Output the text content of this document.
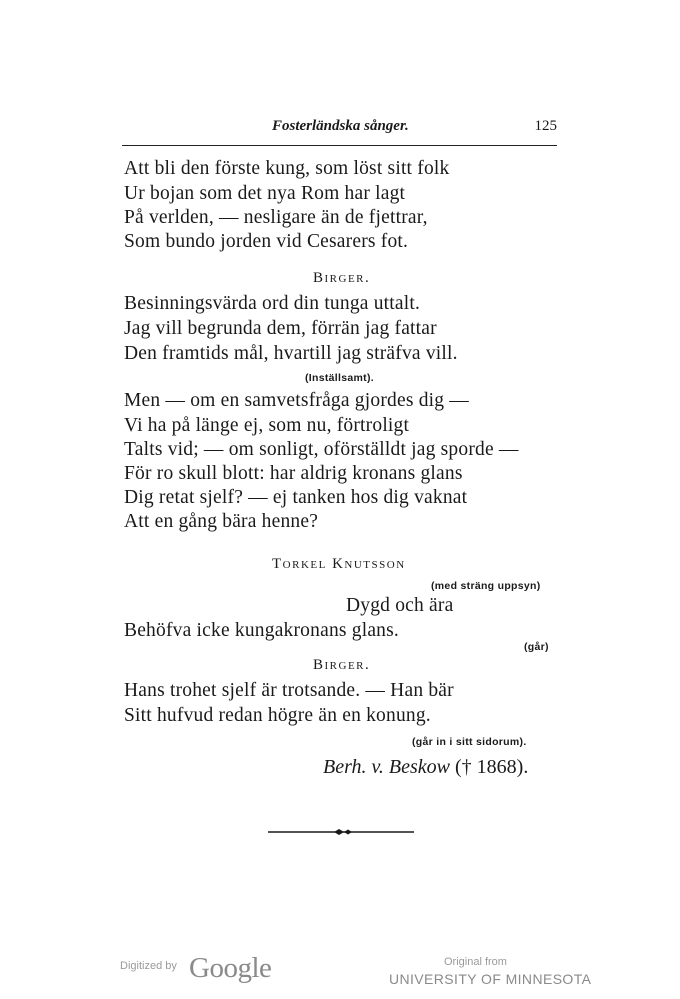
Fosterländska sånger.	125
Att bli den förste kung, som löst sitt folk
Ur bojan som det nya Rom har lagt
På verlden, — nesligare än de fjettrar,
Som bundo jorden vid Cesarers fot.
Birger.
Besinningsvärda ord din tunga uttalt.
Jag vill begrunda dem, förrän jag fattar
Den framtids mål, hvartill jag sträfva vill.
(Inställsamt).
Men — om en samvetsfråga gjordes dig —
Vi ha på länge ej, som nu, förtroligt
Talts vid; — om sonligt, oförställdt jag sporde —
För ro skull blott: har aldrig kronans glans
Dig retat sjelf? — ej tanken hos dig vaknat
Att en gång bära henne?
Torkel Knutsson
(med sträng uppsyn)
Dygd och ära
Behöfva icke kungakronans glans.
(går)
Birger.
Hans trohet sjelf är trotsande. — Han bär
Sitt hufvud redan högre än en konung.
(går in i sitt sidorum).
Berh. v. Beskow († 1868).
Digitized by Google	Original from
UNIVERSITY OF MINNESOTA
